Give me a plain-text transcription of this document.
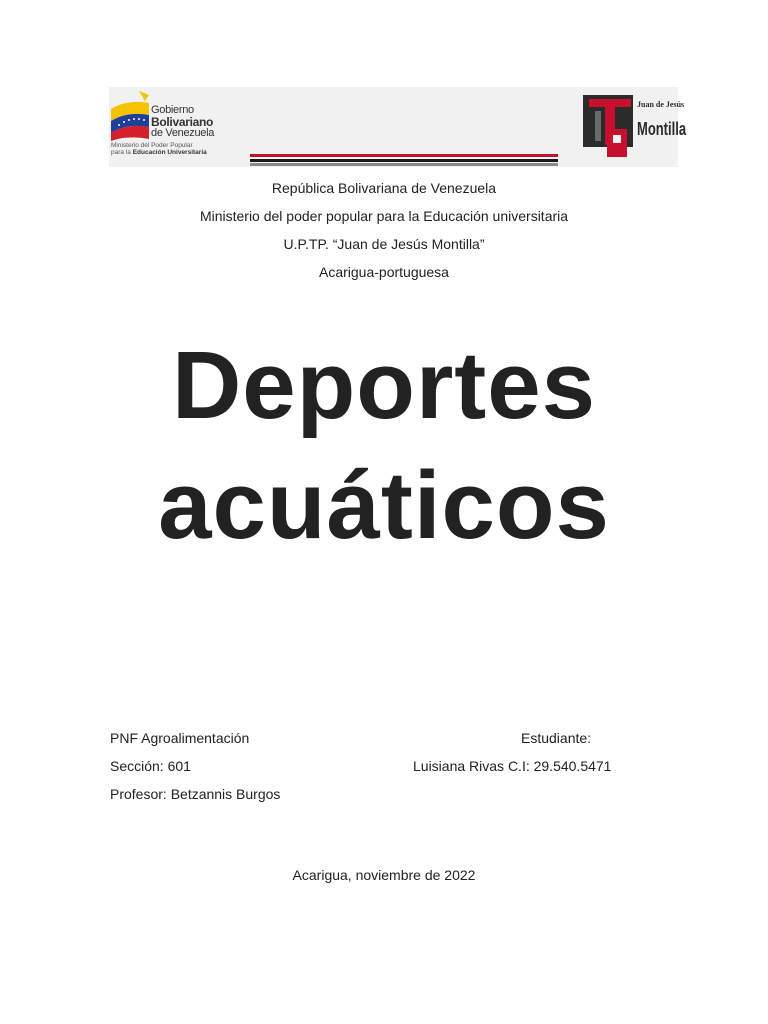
Gobierno
Bolivariano
de Venezuela
Ministerio del Poder Popular
para la Educación Universitaria
Juan de Jesús
Montilla
República Bolivariana de Venezuela
Ministerio del poder popular para la Educación universitaria
U.P.TP. “Juan de Jesús Montilla”
Acarigua-portuguesa
Deportes
acuáticos
PNF Agroalimentación
Sección: 601
Profesor: Betzannis Burgos
Estudiante:
Luisiana Rivas C.I: 29.540.5471
Acarigua, noviembre de 2022
